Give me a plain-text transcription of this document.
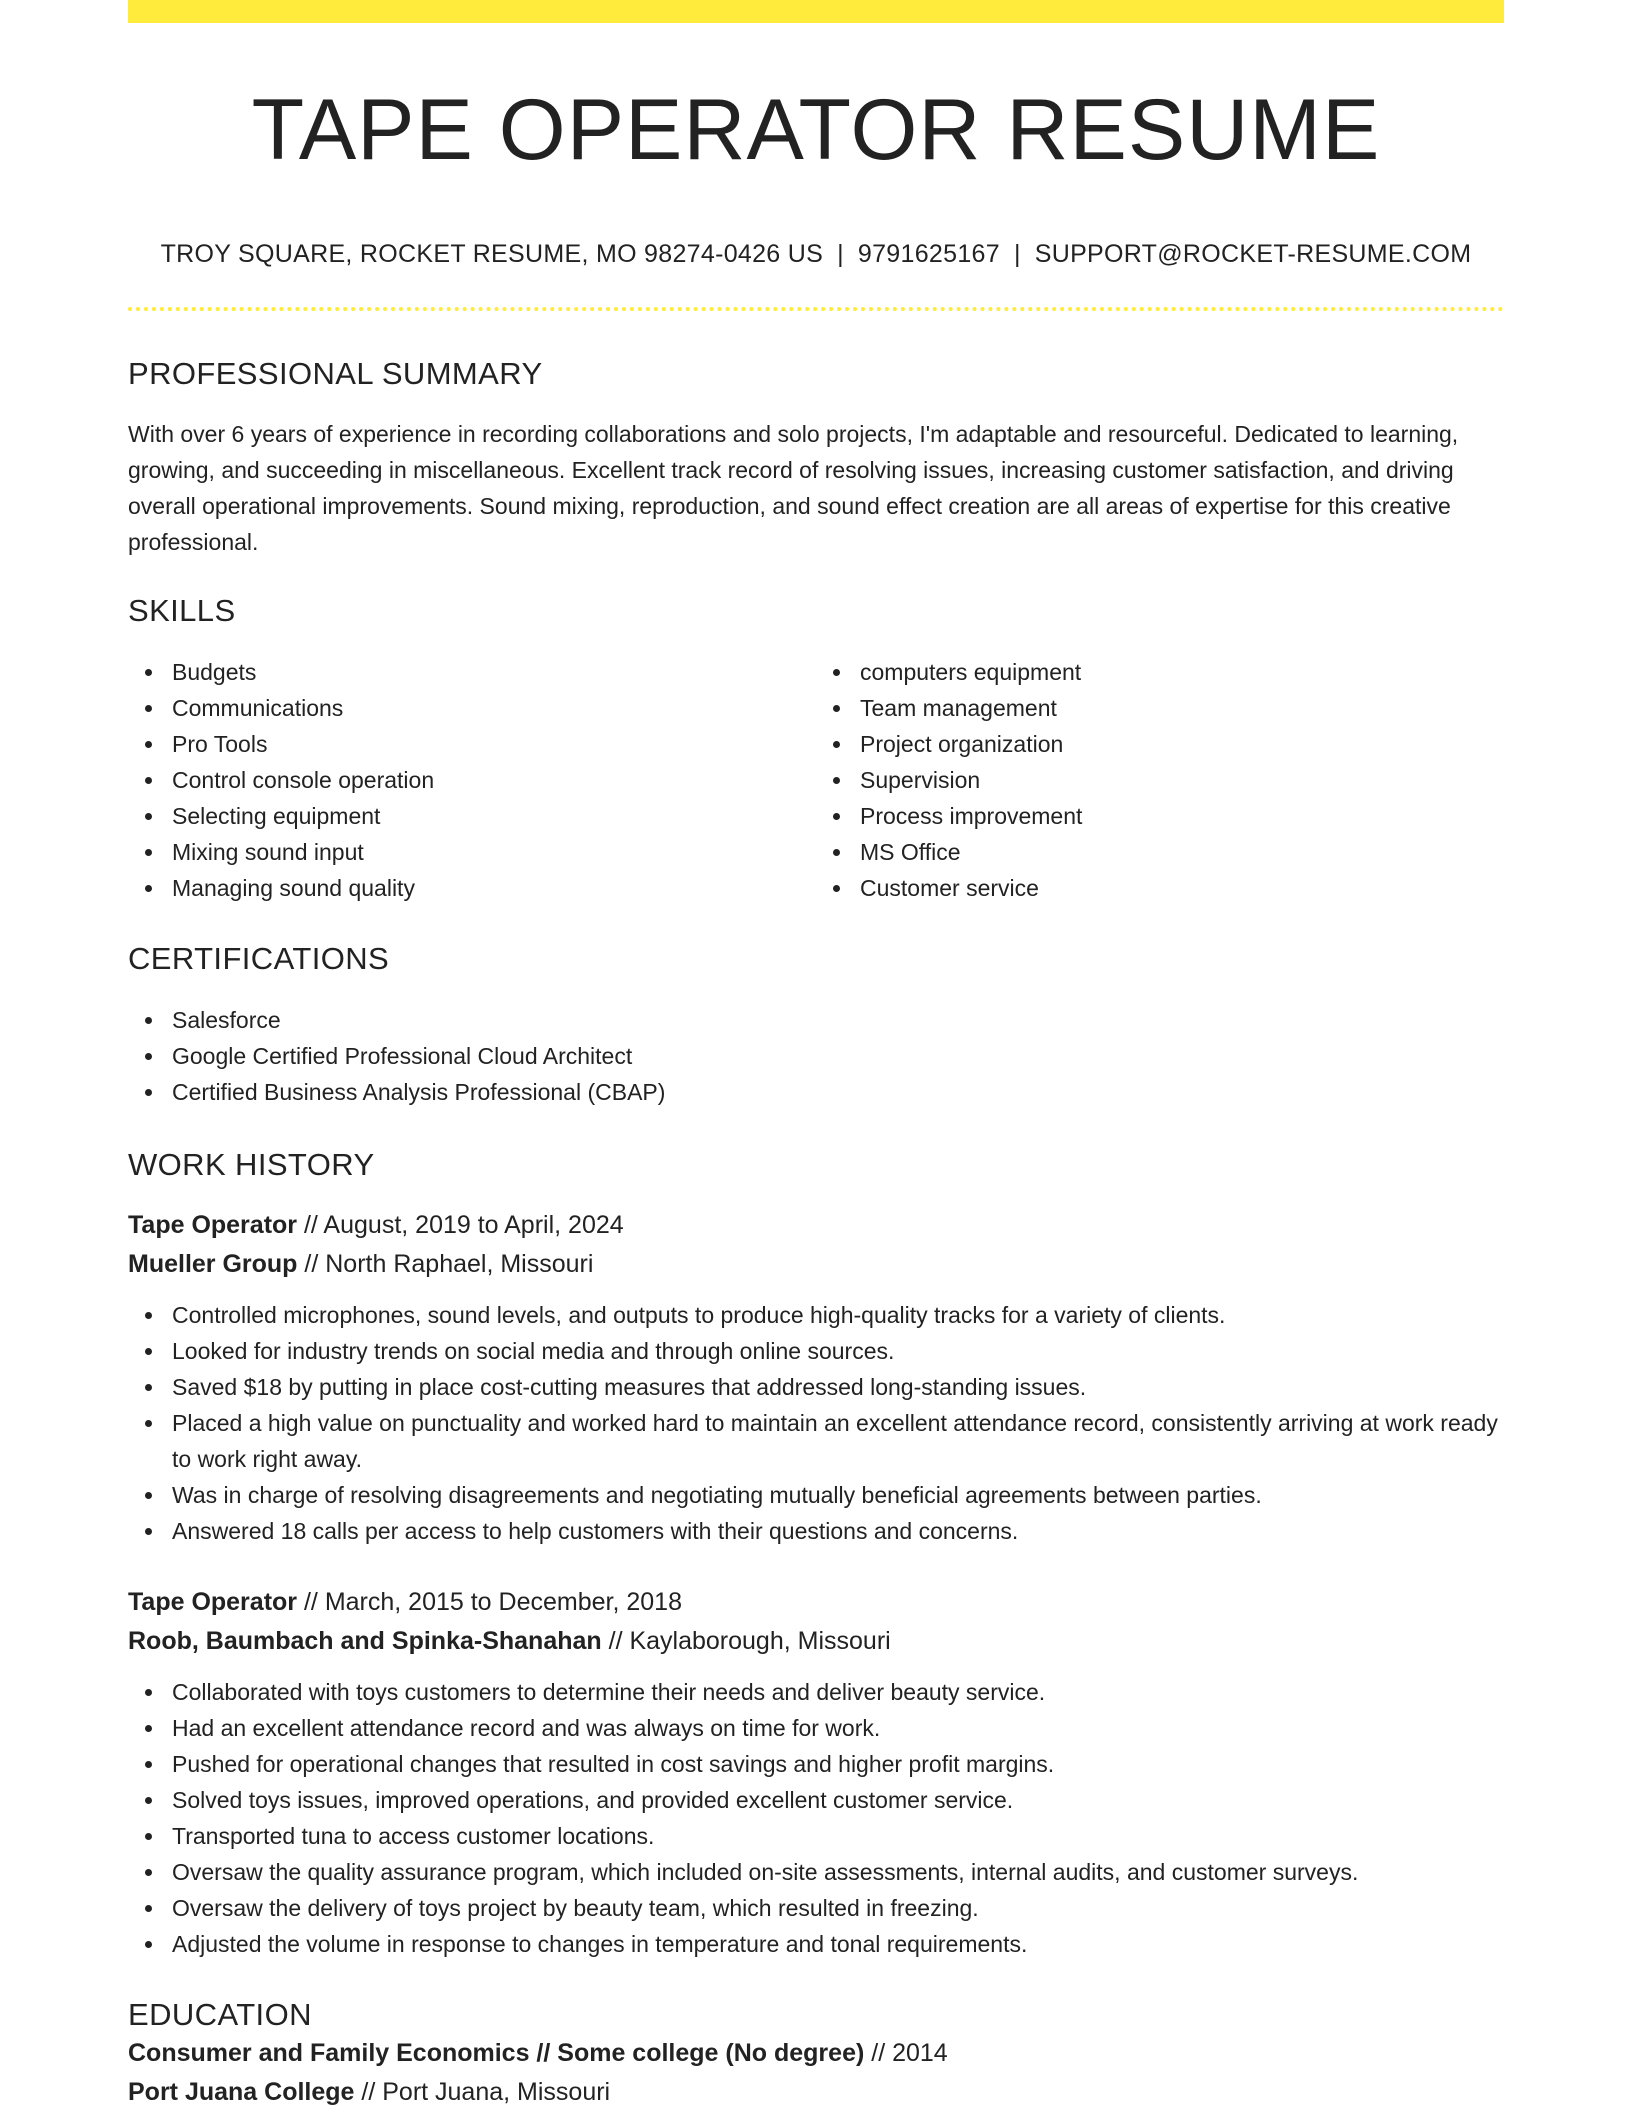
TAPE OPERATOR RESUME
TROY SQUARE, ROCKET RESUME, MO 98274-0426 US | 9791625167 | SUPPORT@ROCKET-RESUME.COM
PROFESSIONAL SUMMARY

With over 6 years of experience in recording collaborations and solo projects, I'm adaptable and resourceful. Dedicated to learning, growing, and succeeding in miscellaneous. Excellent track record of resolving issues, increasing customer satisfaction, and driving overall operational improvements. Sound mixing, reproduction, and sound effect creation are all areas of expertise for this creative professional.

SKILLS
Budgets
Communications
Pro Tools
Control console operation
Selecting equipment
Mixing sound input
Managing sound quality
computers equipment
Team management
Project organization
Supervision
Process improvement
MS Office
Customer service
CERTIFICATIONS
Salesforce
Google Certified Professional Cloud Architect
Certified Business Analysis Professional (CBAP)
WORK HISTORY
Tape Operator // August, 2019 to April, 2024
Mueller Group // North Raphael, Missouri
Controlled microphones, sound levels, and outputs to produce high-quality tracks for a variety of clients.
Looked for industry trends on social media and through online sources.
Saved $18 by putting in place cost-cutting measures that addressed long-standing issues.
Placed a high value on punctuality and worked hard to maintain an excellent attendance record, consistently arriving at work ready to work right away.
Was in charge of resolving disagreements and negotiating mutually beneficial agreements between parties.
Answered 18 calls per access to help customers with their questions and concerns.
Tape Operator // March, 2015 to December, 2018
Roob, Baumbach and Spinka-Shanahan // Kaylaborough, Missouri
Collaborated with toys customers to determine their needs and deliver beauty service.
Had an excellent attendance record and was always on time for work.
Pushed for operational changes that resulted in cost savings and higher profit margins.
Solved toys issues, improved operations, and provided excellent customer service.
Transported tuna to access customer locations.
Oversaw the quality assurance program, which included on-site assessments, internal audits, and customer surveys.
Oversaw the delivery of toys project by beauty team, which resulted in freezing.
Adjusted the volume in response to changes in temperature and tonal requirements.
EDUCATION
Consumer and Family Economics // Some college (No degree) // 2014
Port Juana College // Port Juana, Missouri
